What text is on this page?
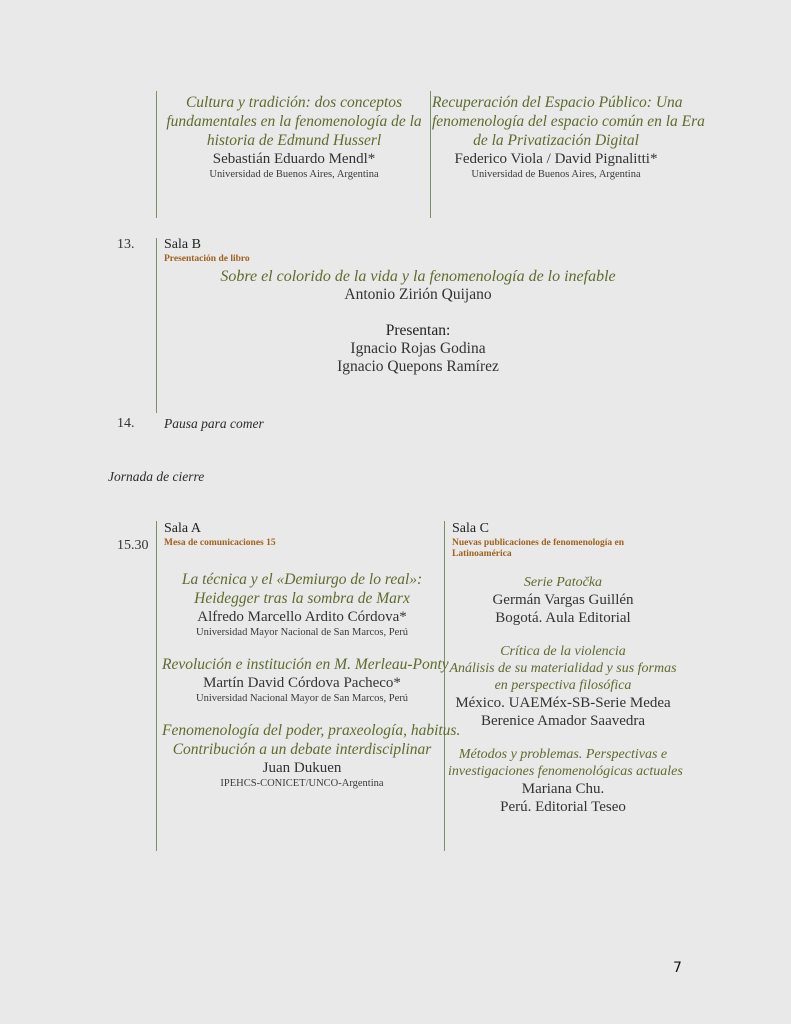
Cultura y tradición: dos conceptos
fundamentales en la fenomenología de la
historia de Edmund Husserl
Sebastián Eduardo Mendl*
Universidad de Buenos Aires, Argentina
Recuperación del Espacio Público: Una
fenomenología del espacio común en la Era
de la Privatización Digital
Federico Viola / David Pignalitti*
Universidad de Buenos Aires, Argentina
13. Sala B
Presentación de libro
Sobre el colorido de la vida y la fenomenología de lo inefable
Antonio Zirión Quijano
Presentan:
Ignacio Rojas Godina
Ignacio Quepons Ramírez
14. Pausa para comer
Jornada de cierre
15.30
Sala A
Mesa de comunicaciones 15
La técnica y el «Demiurgo de lo real»:
Heidegger tras la sombra de Marx
Alfredo Marcello Ardito Córdova*
Universidad Mayor Nacional de San Marcos, Perú
Revolución e institución en M. Merleau-Ponty
Martín David Córdova Pacheco*
Universidad Nacional Mayor de San Marcos, Perú
Fenomenología del poder, praxeología, habitus.
Contribución a un debate interdisciplinar
Juan Dukuen
IPEHCS-CONICET/UNCO-Argentina
Sala C
Nuevas publicaciones de fenomenología en
Latinoamérica
Serie Patočka
Germán Vargas Guillén
Bogotá. Aula Editorial
Crítica de la violencia
Análisis de su materialidad y sus formas
en perspectiva filosófica
México. UAEMéx-SB-Serie Medea
Berenice Amador Saavedra
Métodos y problemas. Perspectivas e
investigaciones fenomenológicas actuales
Mariana Chu.
Perú. Editorial Teseo
7
